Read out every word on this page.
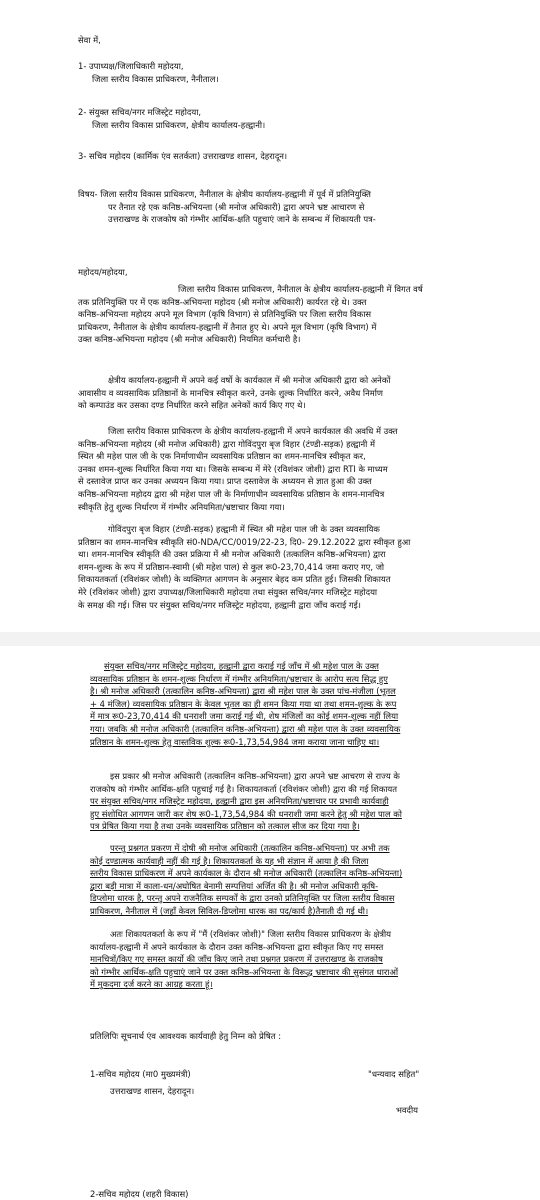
सेवा में,
1- उपाध्यक्ष/जिलाधिकारी महोदया,
जिला स्तरीय विकास प्राधिकरण, नैनीताल।
2- संयुक्त सचिव/नगर मजिस्ट्रेट महोदया,
जिला स्तरीय विकास प्राधिकरण, क्षेत्रीय कार्यालय-हल्द्वानी।
3- सचिव महोदय (कार्मिक एंव सतर्कता) उत्तराखण्ड शासन, देहरादून।
विषय- जिला स्तरीय विकास प्राधिकरण, नैनीताल के क्षेत्रीय कार्यालय-हल्द्वानी में पूर्व में प्रतिनियुक्ति
पर तैनात रहे एक कनिष्ठ-अभियन्ता (श्री मनोज अधिकारी) द्वारा अपने भ्रष्ट आचारण से
उत्तराखण्ड के राजकोष को गंम्भीर आर्थिक-क्षति पहुचाएं जाने के सम्बन्ध में शिकायती पत्र-
महोदय/महोदया,
जिला स्तरीय विकास प्राधिकरण, नैनीताल के क्षेत्रीय कार्यालय-हल्द्वानी में विगत वर्ष
तक प्रतिनियुक्ति पर में एक कनिष्ठ-अभियन्ता महोदय (श्री मनोज अधिकारी) कार्यरत रहे थे। उक्त
कनिष्ठ-अभियन्ता महोदय अपने मूल विभाग (कृषि विभाग) से प्रतिनियुक्ति पर जिला स्तरीय विकास
प्राधिकरण, नैनीताल के क्षेत्रीय कार्यालय-हल्द्वानी में तैनात हुए थे। अपने मूल विभाग (कृषि विभाग) में
उक्त कनिष्ठ-अभियन्ता महोदय (श्री मनोज अधिकारी) नियमित कर्मचारी है।
क्षेत्रीय कार्यालय-हल्द्वानी में अपने कई वर्षो के कार्यकाल में श्री मनोज अधिकारी द्वारा को अनेकों
आवासीय व व्यवसायिक प्रतिष्ठानों के मानचित्र स्वीकृत करने, उनके शुल्क निर्धारित करने, अवैध निर्माण
को कम्पाउंड कर उसका दण्ड निर्धारित करने सहित अनेकों कार्य किए गए थे।
जिला स्तरीय विकास प्राधिकरण के क्षेत्रीय कार्यालय-हल्द्वानी में अपने कार्यकाल की अवधि में उक्त
कनिष्ठ-अभियन्ता महोदय (श्री मनोज अधिकारी) द्वारा गोविंदपुरा बृज विहार (टंण्डी-सड़क) हल्द्वानी में
स्थित श्री महेश पाल जी के एक निर्माणाधीन व्यवसायिक प्रतिष्ठान का शमन-मानचित्र स्वीकृत कर,
उनका शमन-शुल्क निर्धारित किया गया था। जिसके सम्बन्ध में मेरे (रविशंकर जोशी) द्वारा RTI के माध्यम
से दस्तावेज प्राप्त कर उनका अध्ययन किया गया। प्राप्त दस्तावेज के अध्ययन से ज्ञात हुआ की उक्त
कनिष्ठ-अभियन्ता महोदय द्वारा श्री महेश पाल जी के निर्माणाधीन व्यवसायिक प्रतिष्ठान के शमन-मानचित्र
स्वीकृति हेतु शुल्क निर्धारण में गंम्भीर अनियमिता/भ्रष्टाचार किया गया।
गोविंदपुरा बृज विहार (टंण्डी-सड़क) हल्द्वानी में स्थित श्री महेश पाल जी के उक्त व्यवसायिक
प्रतिष्ठान का शमन-मानचित्र स्वीकृति सं0-NDA/CC/0019/22-23, दि0- 29.12.2022 द्वारा स्वीकृत हुआ
था। शमन-मानचित्र स्वीकृति की उक्त प्रक्रिया में श्री मनोज अधिकारी (तत्कालिन कनिष्ठ-अभियन्ता) द्वारा
शमन-शुल्क के रूप में प्रतिष्ठान-स्वामी (श्री महेश पाल) से कुल रू0-23,70,414 जमा कराए गए, जो
शिकायतकर्ता (रविशंकर जोशी) के व्यक्तिगत आगणन के अनुसार बेहद कम प्रतित हुई। जिसकी शिकायत
मेरे (रविशंकर जोशी) द्वारा उपाध्यक्ष/जिलाधिकारी महोदया तथा संयुक्त सचिव/नगर मजिस्ट्रेट महोदया
के समक्ष की गई। जिस पर संयुक्त सचिव/नगर मजिस्ट्रेट महोदया, हल्द्वानी द्वारा जाँच कराई गई।
संयुक्त सचिव/नगर मजिस्ट्रेट महोदया, हल्द्वानी द्वारा कराई गई जाँच में श्री महेश पाल के उक्त
व्यवसायिक प्रतिष्ठान के शमन-शुल्क निर्धारण में गंम्भीर अनियमिता/भ्रष्टाचार के आरोप सत्य सिद्ध हुए
है। श्री मनोज अधिकारी (तत्कालिन कनिष्ठ-अभियन्ता) द्वारा श्री महेश पाल के उक्त पांच-मंजीला (भूतल
+ 4 मंजिल) व्यवसायिक प्रतिष्ठान के केवल भूतल का ही शमन किया गया था तथा शमन-शुल्क के रूप
में मात्र रू0-23,70,414 की धनराशी जमा कराई गई थी, शेष मंजिलों का कोई शमन-शुल्क नहीं लिया
गया। जबकि श्री मनोज अधिकारी (तत्कालिन कनिष्ठ-अभियन्ता) द्वारा श्री महेश पाल के उक्त व्यवसायिक
प्रतिष्ठान के शमन-शुल्क हेतु वास्तविक शुल्क रू0-1,73,54,984 जमा कराया जाना चाहिए था।
इस प्रकार श्री मनोज अधिकारी (तत्कालिन कनिष्ठ-अभियन्ता) द्वारा अपने भ्रष्ट आचरण से राज्य के
राजकोष को गंम्भीर आर्थिक-क्षति पहुचाई गई है। शिकायतकर्ता (रविशंकर जोशी) द्वारा की गई शिकायत
पर संयुक्त सचिव/नगर मजिस्ट्रेट महोदया, हल्द्वानी द्वारा इस अनियमिता/भ्रष्टाचार पर प्रभावी कार्यवाही
हुए संशोधित आगणन जारी कर शेष रू0-1,73,54,984 की धनराशी जमा करने हेतु श्री महेश पाल को
पत्र प्रेषित किया गया है तथा उनके व्यवसायिक प्रतिष्ठान को तत्काल सीज कर दिया गया है।
परन्तु प्रश्नगत प्रकरण में दोषी श्री मनोज अधिकारी (तत्कालिन कनिष्ठ-अभियन्ता) पर अभी तक
कोई दण्डात्मक कार्यवाही नहीं की गई है। शिकायतकर्ता के यह भी संज्ञान में आया है की जिला
स्तरीय विकास प्राधिकरण में अपने कार्यकाल के दौरान श्री मनोज अधिकारी (तत्कालिन कनिष्ठ-अभियन्ता)
द्वारा बड़ी मात्रा में काला-धन/अघोषित बेनामी सम्पत्तियां अर्जित की है। श्री मनोज अधिकारी कृषि-
डिप्लोमा धारक है, परन्तु अपने राजनैतिक सम्पर्कों के द्वारा उनको प्रतिनियुक्ति पर जिला स्तरीय विकास
प्राधिकरण, नैनीताल में (जहाँ केवल सिविल-डिप्लोमा धारक का पद/कार्य है)तैनाती दी गई थी।
अतः शिकायतकर्ता के रूप में "मैं (रविशंकर जोशी)" जिला स्तरीय विकास प्राधिकरण के क्षेत्रीय
कार्यालय-हल्द्वानी में अपने कार्यकाल के दौरान उक्त कनिष्ठ-अभियन्ता द्वारा स्वीकृत किए गए समस्त
मानचित्रों/किए गए समस्त कार्यो की जाँच किए जाने तथा प्रश्नगत प्रकरण में उत्तराखण्ड के राजकोष
को गंम्भीर आर्थिक-क्षति पहुचाएं जाने पर उक्त कनिष्ठ-अभियन्ता के विरूद्ध भ्रष्टाचार की सुसंगत धाराओं
में मुकदमा दर्ज करने का आग्रह करता हूं।
प्रतिलिपिः सूचनार्थ एंव आवश्यक कार्यवाही हेतु निम्न को प्रेषित :
1-सचिव महोदय (मा0 मुख्यमंत्री)
उत्तराखण्ड शासन, देहरादून।
"धन्यवाद सहित"
भवदीय
2-सचिव महोदय (शहरी विकास)
